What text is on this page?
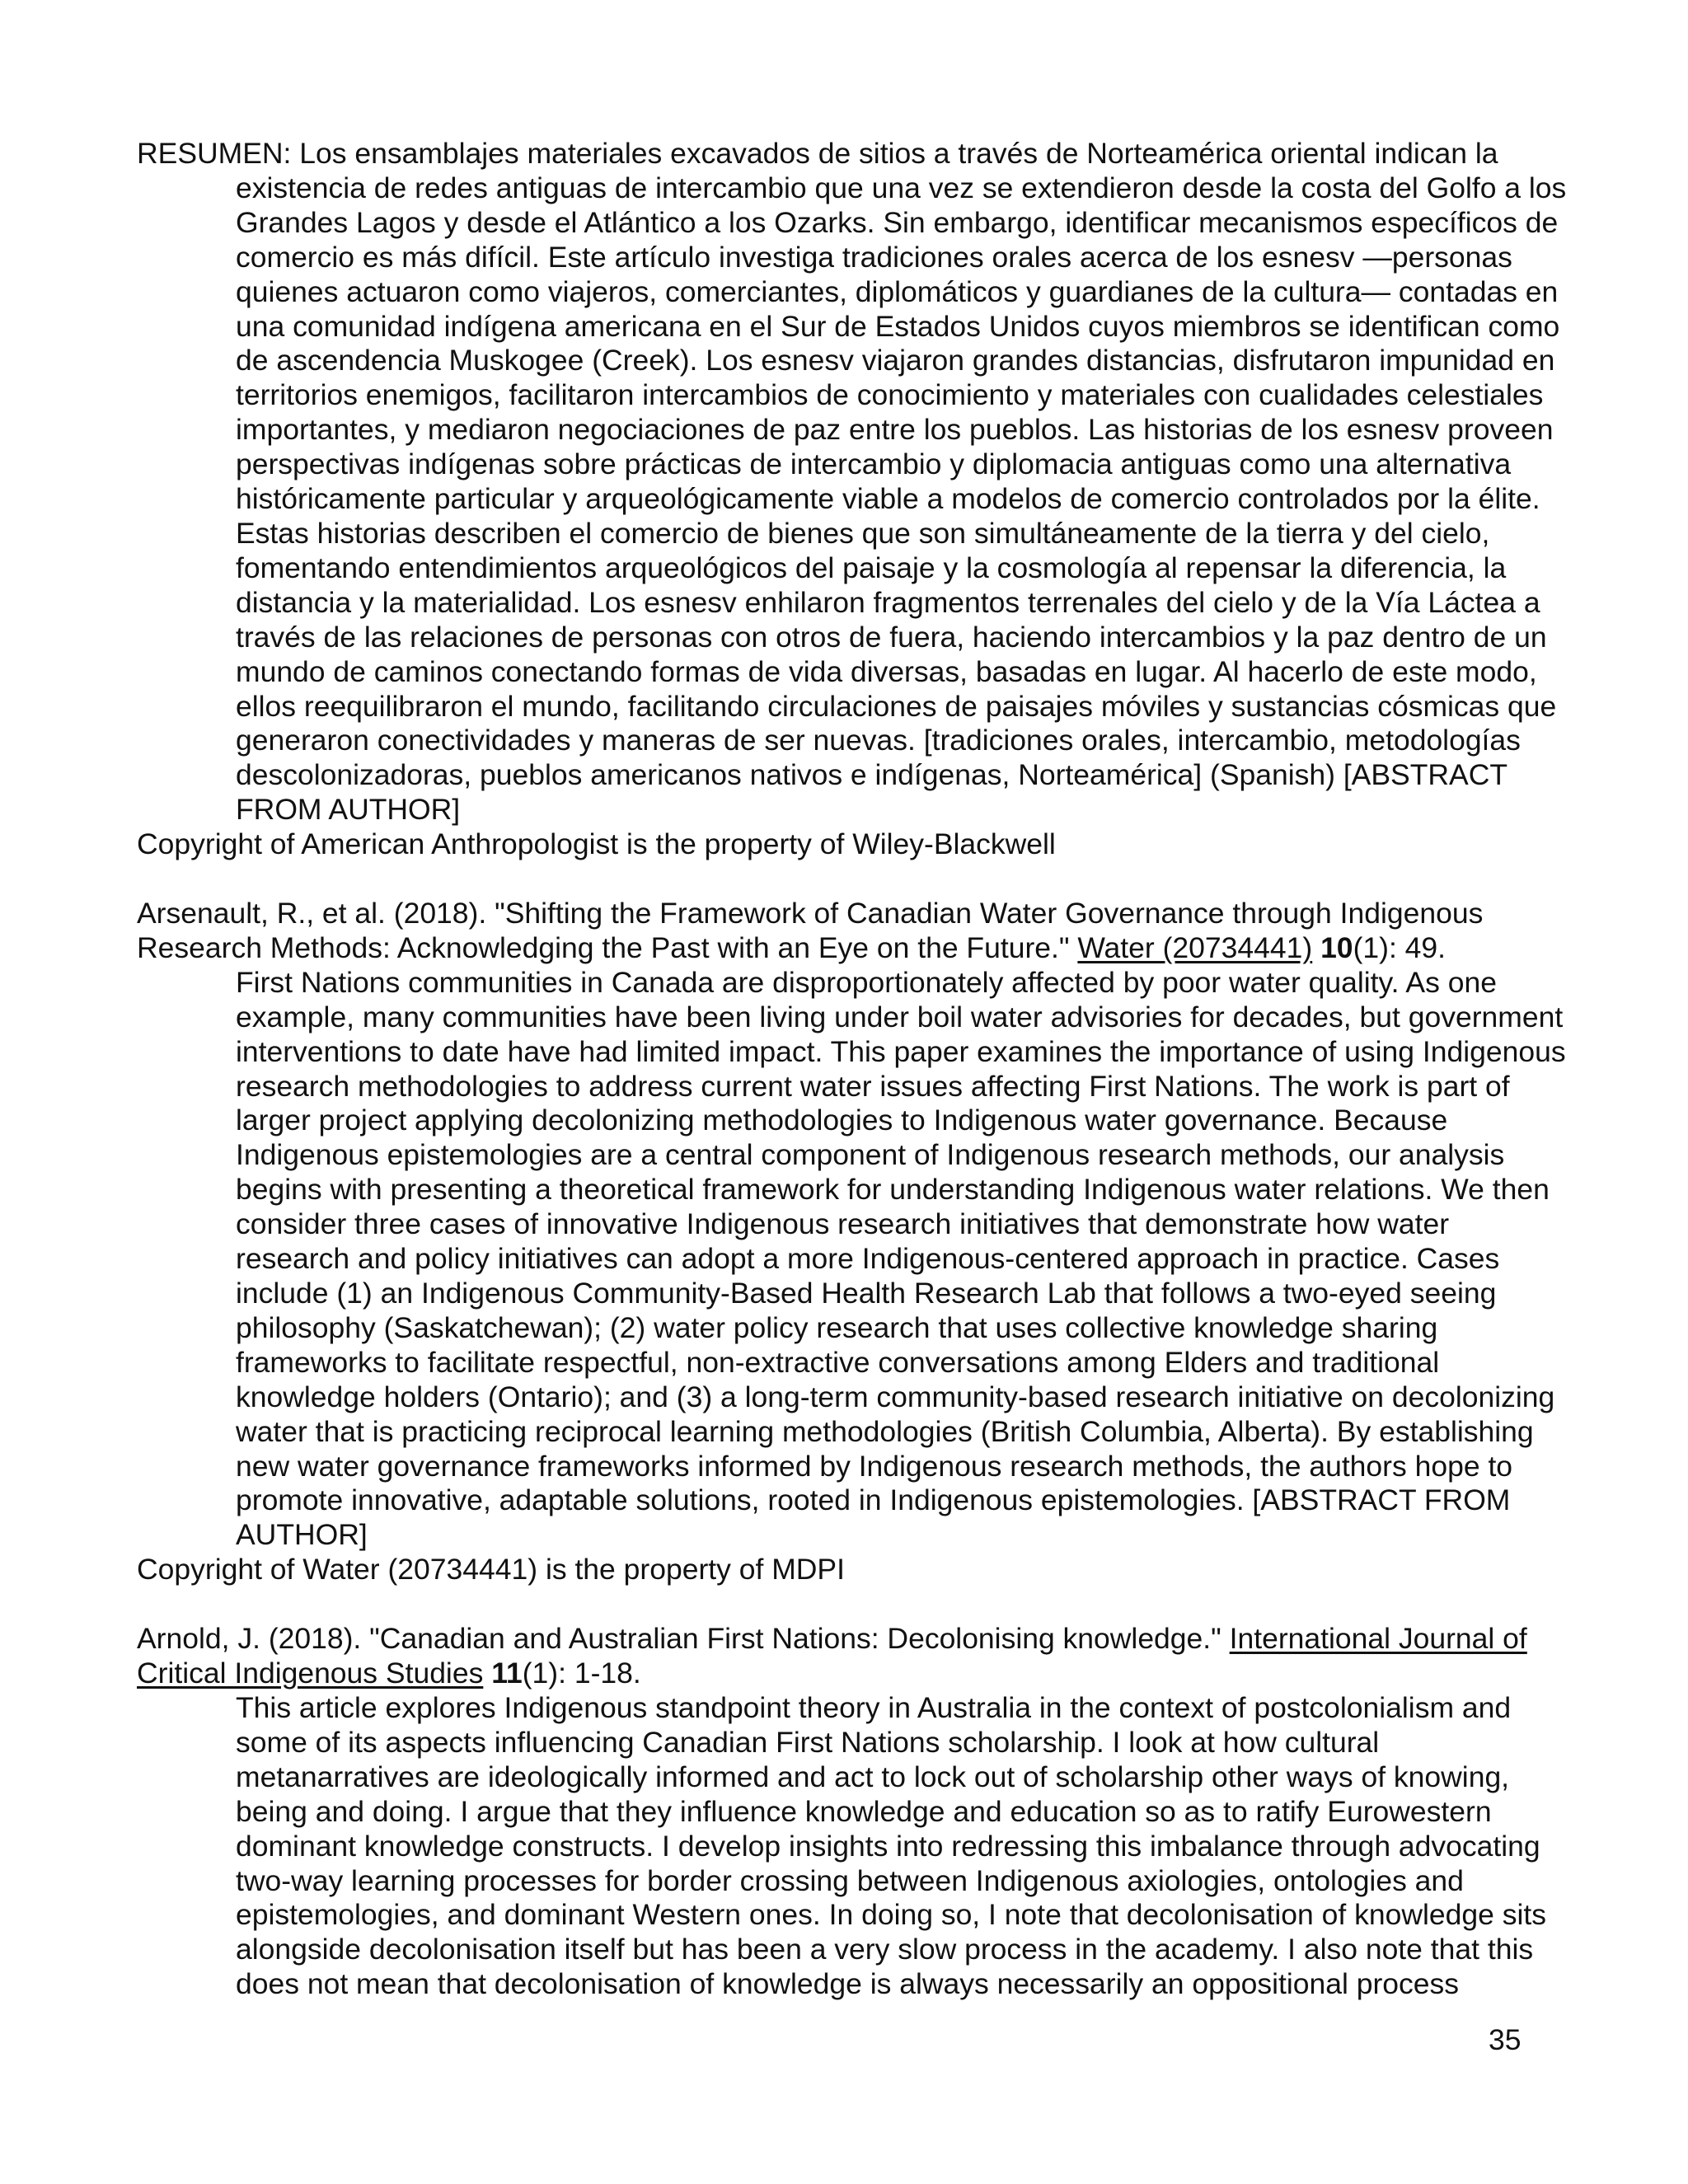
RESUMEN: Los ensamblajes materiales excavados de sitios a través de Norteamérica oriental indican la existencia de redes antiguas de intercambio que una vez se extendieron desde la costa del Golfo a los Grandes Lagos y desde el Atlántico a los Ozarks. Sin embargo, identificar mecanismos específicos de comercio es más difícil. Este artículo investiga tradiciones orales acerca de los esnesv —personas quienes actuaron como viajeros, comerciantes, diplomáticos y guardianes de la cultura— contadas en una comunidad indígena americana en el Sur de Estados Unidos cuyos miembros se identifican como de ascendencia Muskogee (Creek). Los esnesv viajaron grandes distancias, disfrutaron impunidad en territorios enemigos, facilitaron intercambios de conocimiento y materiales con cualidades celestiales importantes, y mediaron negociaciones de paz entre los pueblos. Las historias de los esnesv proveen perspectivas indígenas sobre prácticas de intercambio y diplomacia antiguas como una alternativa históricamente particular y arqueológicamente viable a modelos de comercio controlados por la élite. Estas historias describen el comercio de bienes que son simultáneamente de la tierra y del cielo, fomentando entendimientos arqueológicos del paisaje y la cosmología al repensar la diferencia, la distancia y la materialidad. Los esnesv enhilaron fragmentos terrenales del cielo y de la Vía Láctea a través de las relaciones de personas con otros de fuera, haciendo intercambios y la paz dentro de un mundo de caminos conectando formas de vida diversas, basadas en lugar. Al hacerlo de este modo, ellos reequilibraron el mundo, facilitando circulaciones de paisajes móviles y sustancias cósmicas que generaron conectividades y maneras de ser nuevas. [tradiciones orales, intercambio, metodologías descolonizadoras, pueblos americanos nativos e indígenas, Norteamérica] (Spanish) [ABSTRACT FROM AUTHOR]

Copyright of American Anthropologist is the property of Wiley-Blackwell

Arsenault, R., et al. (2018). "Shifting the Framework of Canadian Water Governance through Indigenous Research Methods: Acknowledging the Past with an Eye on the Future." Water (20734441) 10(1): 49.

First Nations communities in Canada are disproportionately affected by poor water quality. As one example, many communities have been living under boil water advisories for decades, but government interventions to date have had limited impact. This paper examines the importance of using Indigenous research methodologies to address current water issues affecting First Nations. The work is part of larger project applying decolonizing methodologies to Indigenous water governance. Because Indigenous epistemologies are a central component of Indigenous research methods, our analysis begins with presenting a theoretical framework for understanding Indigenous water relations. We then consider three cases of innovative Indigenous research initiatives that demonstrate how water research and policy initiatives can adopt a more Indigenous-centered approach in practice. Cases include (1) an Indigenous Community-Based Health Research Lab that follows a two-eyed seeing philosophy (Saskatchewan); (2) water policy research that uses collective knowledge sharing frameworks to facilitate respectful, non-extractive conversations among Elders and traditional knowledge holders (Ontario); and (3) a long-term community-based research initiative on decolonizing water that is practicing reciprocal learning methodologies (British Columbia, Alberta). By establishing new water governance frameworks informed by Indigenous research methods, the authors hope to promote innovative, adaptable solutions, rooted in Indigenous epistemologies. [ABSTRACT FROM AUTHOR]

Copyright of Water (20734441) is the property of MDPI

Arnold, J. (2018). "Canadian and Australian First Nations: Decolonising knowledge." International Journal of Critical Indigenous Studies 11(1): 1-18.

This article explores Indigenous standpoint theory in Australia in the context of postcolonialism and some of its aspects influencing Canadian First Nations scholarship. I look at how cultural metanarratives are ideologically informed and act to lock out of scholarship other ways of knowing, being and doing. I argue that they influence knowledge and education so as to ratify Eurowestern dominant knowledge constructs. I develop insights into redressing this imbalance through advocating two-way learning processes for border crossing between Indigenous axiologies, ontologies and epistemologies, and dominant Western ones. In doing so, I note that decolonisation of knowledge sits alongside decolonisation itself but has been a very slow process in the academy. I also note that this does not mean that decolonisation of knowledge is always necessarily an oppositional process

35
